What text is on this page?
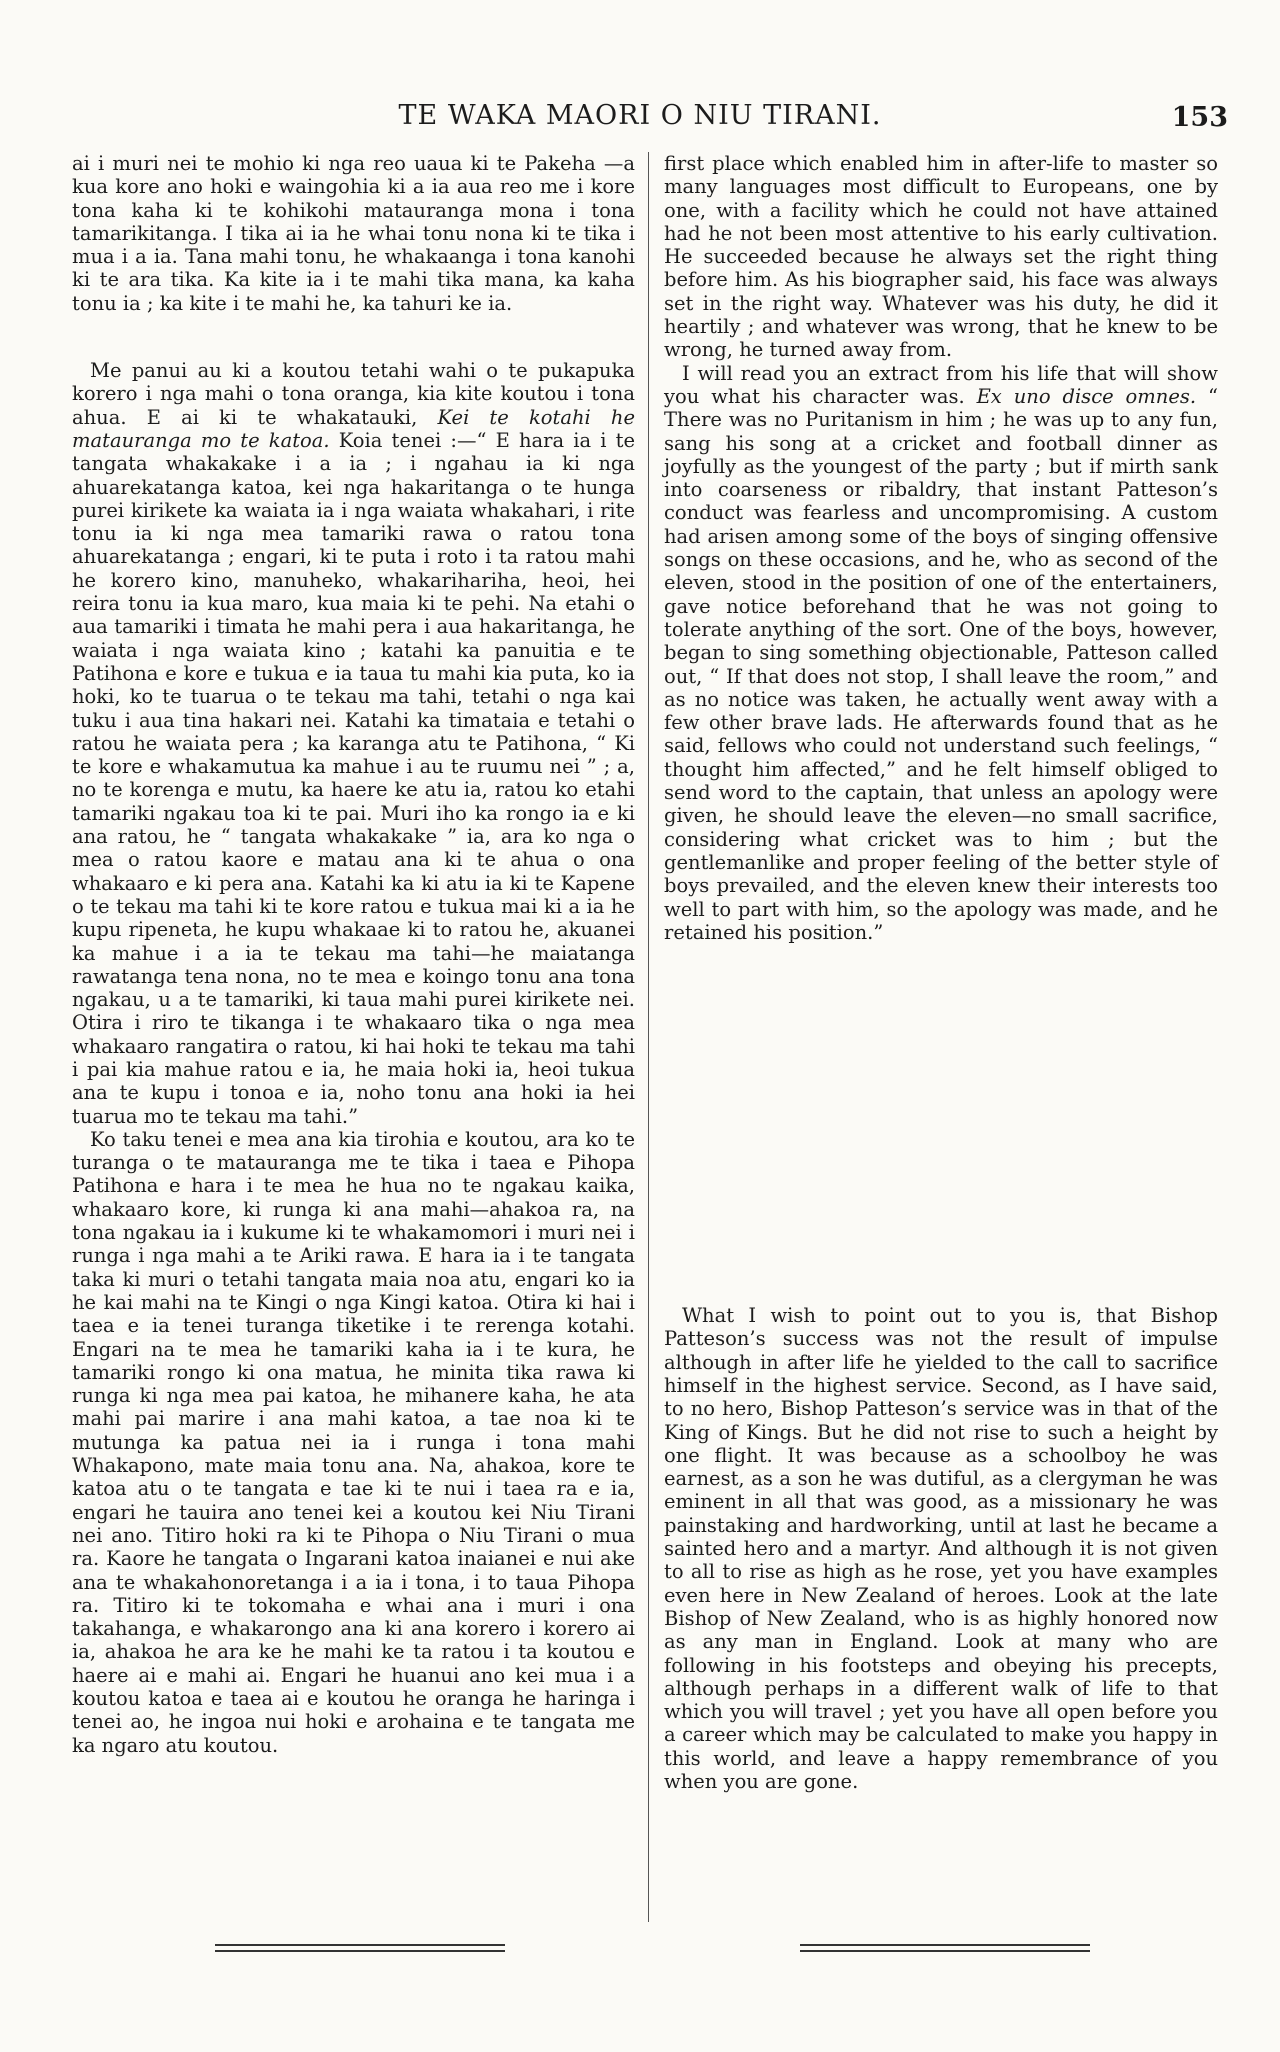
TE WAKA MAORI O NIU TIRANI.	153

ai i muri nei te mohio ki nga reo uaua ki te Pakeha —a kua kore ano hoki e waingohia ki a ia aua reo me i kore tona kaha ki te kohikohi matauranga mona i tona tamarikitanga. I tika ai ia he whai tonu nona ki te tika i mua i a ia. Tana mahi tonu, he whakaanga i tona kanohi ki te ara tika. Ka kite ia i te mahi tika mana, ka kaha tonu ia ; ka kite i te mahi he, ka tahuri ke ia.

Me panui au ki a koutou tetahi wahi o te pukapuka korero i nga mahi o tona oranga, kia kite koutou i tona ahua. E ai ki te whakatauki, Kei te kotahi he matauranga mo te katoa. Koia tenei :—“ E hara ia i te tangata whakakake i a ia ; i ngahau ia ki nga ahuarekatanga katoa, kei nga hakaritanga o te hunga purei kirikete ka waiata ia i nga waiata whakahari, i rite tonu ia ki nga mea tamariki rawa o ratou tona ahuarekatanga ; engari, ki te puta i roto i ta ratou mahi he korero kino, manuheko, whakarihariha, heoi, hei reira tonu ia kua maro, kua maia ki te pehi. Na etahi o aua tamariki i timata he mahi pera i aua hakaritanga, he waiata i nga waiata kino ; katahi ka panuitia e te Patihona e kore e tukua e ia taua tu mahi kia puta, ko ia hoki, ko te tuarua o te tekau ma tahi, tetahi o nga kai tuku i aua tina hakari nei. Katahi ka timataia e tetahi o ratou he waiata pera ; ka karanga atu te Patihona, “ Ki te kore e whakamutua ka mahue i au te ruumu nei ” ; a, no te korenga e mutu, ka haere ke atu ia, ratou ko etahi tamariki ngakau toa ki te pai. Muri iho ka rongo ia e ki ana ratou, he “ tangata whakakake ” ia, ara ko nga o mea o ratou kaore e matau ana ki te ahua o ona whakaaro e ki pera ana. Katahi ka ki atu ia ki te Kapene o te tekau ma tahi ki te kore ratou e tukua mai ki a ia he kupu ripeneta, he kupu whakaae ki to ratou he, akuanei ka mahue i a ia te tekau ma tahi—he maiatanga rawatanga tena nona, no te mea e koingo tonu ana tona ngakau, u a te tamariki, ki taua mahi purei kirikete nei. Otira i riro te tikanga i te whakaaro tika o nga mea whakaaro rangatira o ratou, ki hai hoki te tekau ma tahi i pai kia mahue ratou e ia, he maia hoki ia, heoi tukua ana te kupu i tonoa e ia, noho tonu ana hoki ia hei tuarua mo te tekau ma tahi.”

Ko taku tenei e mea ana kia tirohia e koutou, ara ko te turanga o te matauranga me te tika i taea e Pihopa Patihona e hara i te mea he hua no te ngakau kaika, whakaaro kore, ki runga ki ana mahi—ahakoa ra, na tona ngakau ia i kukume ki te whakamomori i muri nei i runga i nga mahi a te Ariki rawa. E hara ia i te tangata taka ki muri o tetahi tangata maia noa atu, engari ko ia he kai mahi na te Kingi o nga Kingi katoa. Otira ki hai i taea e ia tenei turanga tiketike i te rerenga kotahi. Engari na te mea he tamariki kaha ia i te kura, he tamariki rongo ki ona matua, he minita tika rawa ki runga ki nga mea pai katoa, he mihanere kaha, he ata mahi pai marire i ana mahi katoa, a tae noa ki te mutunga ka patua nei ia i runga i tona mahi Whakapono, mate maia tonu ana. Na, ahakoa, kore te katoa atu o te tangata e tae ki te nui i taea ra e ia, engari he tauira ano tenei kei a koutou kei Niu Tirani nei ano. Titiro hoki ra ki te Pihopa o Niu Tirani o mua ra. Kaore he tangata o Ingarani katoa inaianei e nui ake ana te whakahonoretanga i a ia i tona, i to taua Pihopa ra. Titiro ki te tokomaha e whai ana i muri i ona takahanga, e whakarongo ana ki ana korero i korero ai ia, ahakoa he ara ke he mahi ke ta ratou i ta koutou e haere ai e mahi ai. Engari he huanui ano kei mua i a koutou katoa e taea ai e koutou he oranga he haringa i tenei ao, he ingoa nui hoki e arohaina e te tangata me ka ngaro atu koutou.

first place which enabled him in after-life to master so many languages most difficult to Europeans, one by one, with a facility which he could not have attained had he not been most attentive to his early cultivation. He succeeded because he always set the right thing before him. As his biographer said, his face was always set in the right way. Whatever was his duty, he did it heartily ; and whatever was wrong, that he knew to be wrong, he turned away from.

I will read you an extract from his life that will show you what his character was. Ex uno disce omnes. “ There was no Puritanism in him ; he was up to any fun, sang his song at a cricket and football dinner as joyfully as the youngest of the party ; but if mirth sank into coarseness or ribaldry, that instant Patteson’s conduct was fearless and uncompromising. A custom had arisen among some of the boys of singing offensive songs on these occasions, and he, who as second of the eleven, stood in the position of one of the entertainers, gave notice beforehand that he was not going to tolerate anything of the sort. One of the boys, however, began to sing something objectionable, Patteson called out, “ If that does not stop, I shall leave the room,” and as no notice was taken, he actually went away with a few other brave lads. He afterwards found that as he said, fellows who could not understand such feelings, “ thought him affected,” and he felt himself obliged to send word to the captain, that unless an apology were given, he should leave the eleven—no small sacrifice, considering what cricket was to him ; but the gentlemanlike and proper feeling of the better style of boys prevailed, and the eleven knew their interests too well to part with him, so the apology was made, and he retained his position.”

What I wish to point out to you is, that Bishop Patteson’s success was not the result of impulse although in after life he yielded to the call to sacrifice himself in the highest service. Second, as I have said, to no hero, Bishop Patteson’s service was in that of the King of Kings. But he did not rise to such a height by one flight. It was because as a schoolboy he was earnest, as a son he was dutiful, as a clergyman he was eminent in all that was good, as a missionary he was painstaking and hardworking, until at last he became a sainted hero and a martyr. And although it is not given to all to rise as high as he rose, yet you have examples even here in New Zealand of heroes. Look at the late Bishop of New Zealand, who is as highly honored now as any man in England. Look at many who are following in his footsteps and obeying his precepts, although perhaps in a different walk of life to that which you will travel ; yet you have all open before you a career which may be calculated to make you happy in this world, and leave a happy remembrance of you when you are gone.
